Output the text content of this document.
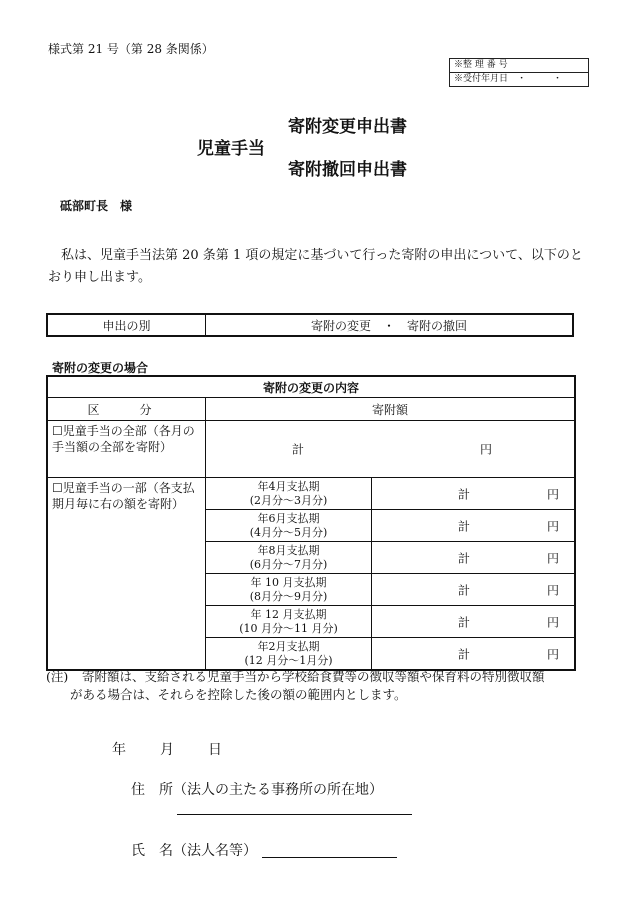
様式第 21 号（第 28 条関係）
※整 理 番 号
※受付年月日 ・ ・
寄附変更申出書
児童手当
寄附撤回申出書
砥部町長　様
私は、児童手当法第 20 条第 1 項の規定に基づいて行った寄附の申出について、以下のとおり申し出ます。
申出の別	寄附の変更　・　寄附の撤回
寄附の変更の場合
寄附の変更の内容		
区　分	寄附額	
☐児童手当の全部（各月の手当額の全部を寄附）	計 円	

☐児童手当の一部（各支払期月毎に右の額を寄附）	年4月支払期
(2月分～3月分)	計 円

	年6月支払期
(4月分～5月分)	計 円

	年8月支払期
(6月分～7月分)	計 円

	年 10 月支払期
(8月分～9月分)	計 円

	年 12 月支払期
(10 月分～11 月分)	計 円

	年2月支払期
(12 月分～1月分)	計 円
(注) 寄附額は、支給される児童手当から学校給食費等の徴収等額や保育料の特別徴収額
がある場合は、それらを控除した後の額の範囲内とします。
年 月 日
住　所（法人の主たる事務所の所在地）
氏　名（法人名等）
